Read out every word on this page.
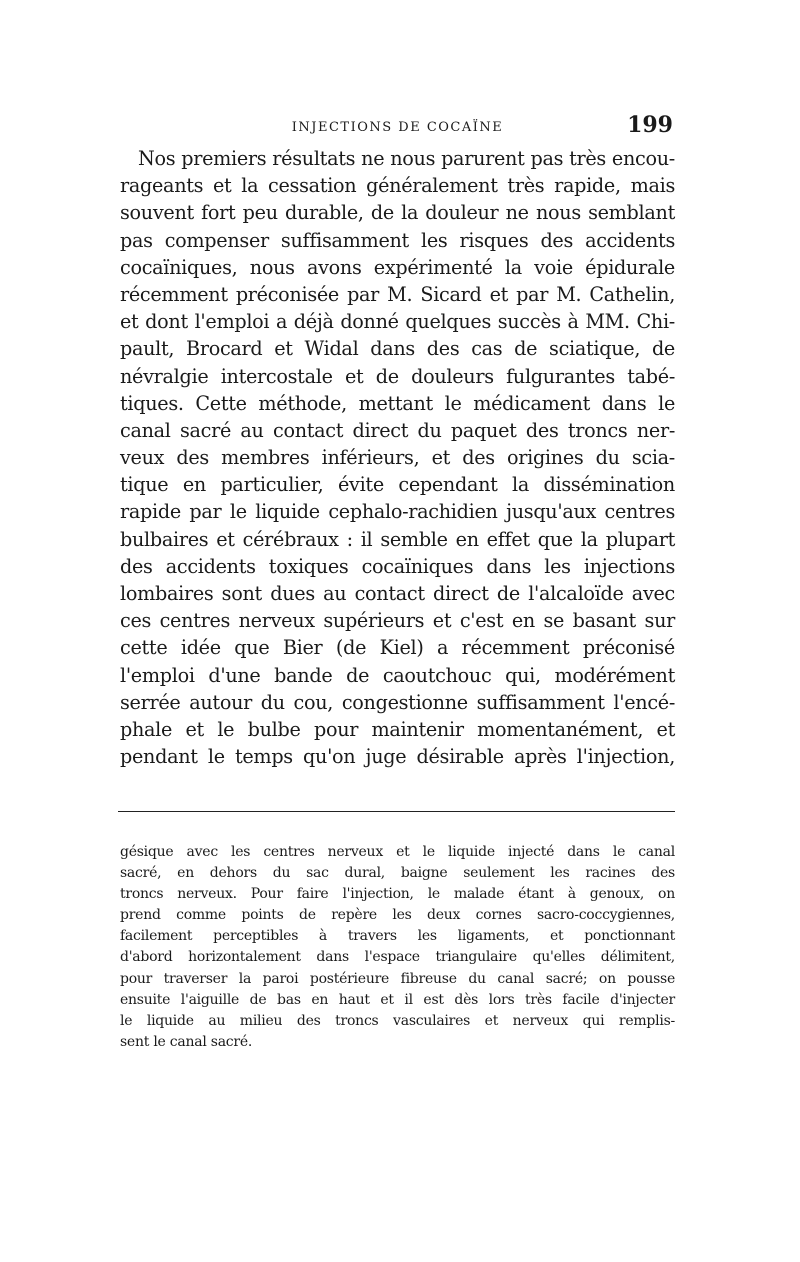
INJECTIONS DE COCAÏNE	199
Nos premiers résultats ne nous parurent pas très encou-
rageants et la cessation généralement très rapide, mais
souvent fort peu durable, de la douleur ne nous semblant
pas compenser suffisamment les risques des accidents
cocaïniques, nous avons expérimenté la voie épidurale
récemment préconisée par M. Sicard et par M. Cathelin,
et dont l'emploi a déjà donné quelques succès à MM. Chi-
pault, Brocard et Widal dans des cas de sciatique, de
névralgie intercostale et de douleurs fulgurantes tabé-
tiques. Cette méthode, mettant le médicament dans le
canal sacré au contact direct du paquet des troncs ner-
veux des membres inférieurs, et des origines du scia-
tique en particulier, évite cependant la dissémination
rapide par le liquide cephalo-rachidien jusqu'aux centres
bulbaires et cérébraux : il semble en effet que la plupart
des accidents toxiques cocaïniques dans les injections
lombaires sont dues au contact direct de l'alcaloïde avec
ces centres nerveux supérieurs et c'est en se basant sur
cette idée que Bier (de Kiel) a récemment préconisé
l'emploi d'une bande de caoutchouc qui, modérément
serrée autour du cou, congestionne suffisamment l'encé-
phale et le bulbe pour maintenir momentanément, et
pendant le temps qu'on juge désirable après l'injection,
gésique avec les centres nerveux et le liquide injecté dans le canal
sacré, en dehors du sac dural, baigne seulement les racines des
troncs nerveux. Pour faire l'injection, le malade étant à genoux, on
prend comme points de repère les deux cornes sacro-coccygiennes,
facilement perceptibles à travers les ligaments, et ponctionnant
d'abord horizontalement dans l'espace triangulaire qu'elles délimitent,
pour traverser la paroi postérieure fibreuse du canal sacré; on pousse
ensuite l'aiguille de bas en haut et il est dès lors très facile d'injecter
le liquide au milieu des troncs vasculaires et nerveux qui remplis-
sent le canal sacré.
